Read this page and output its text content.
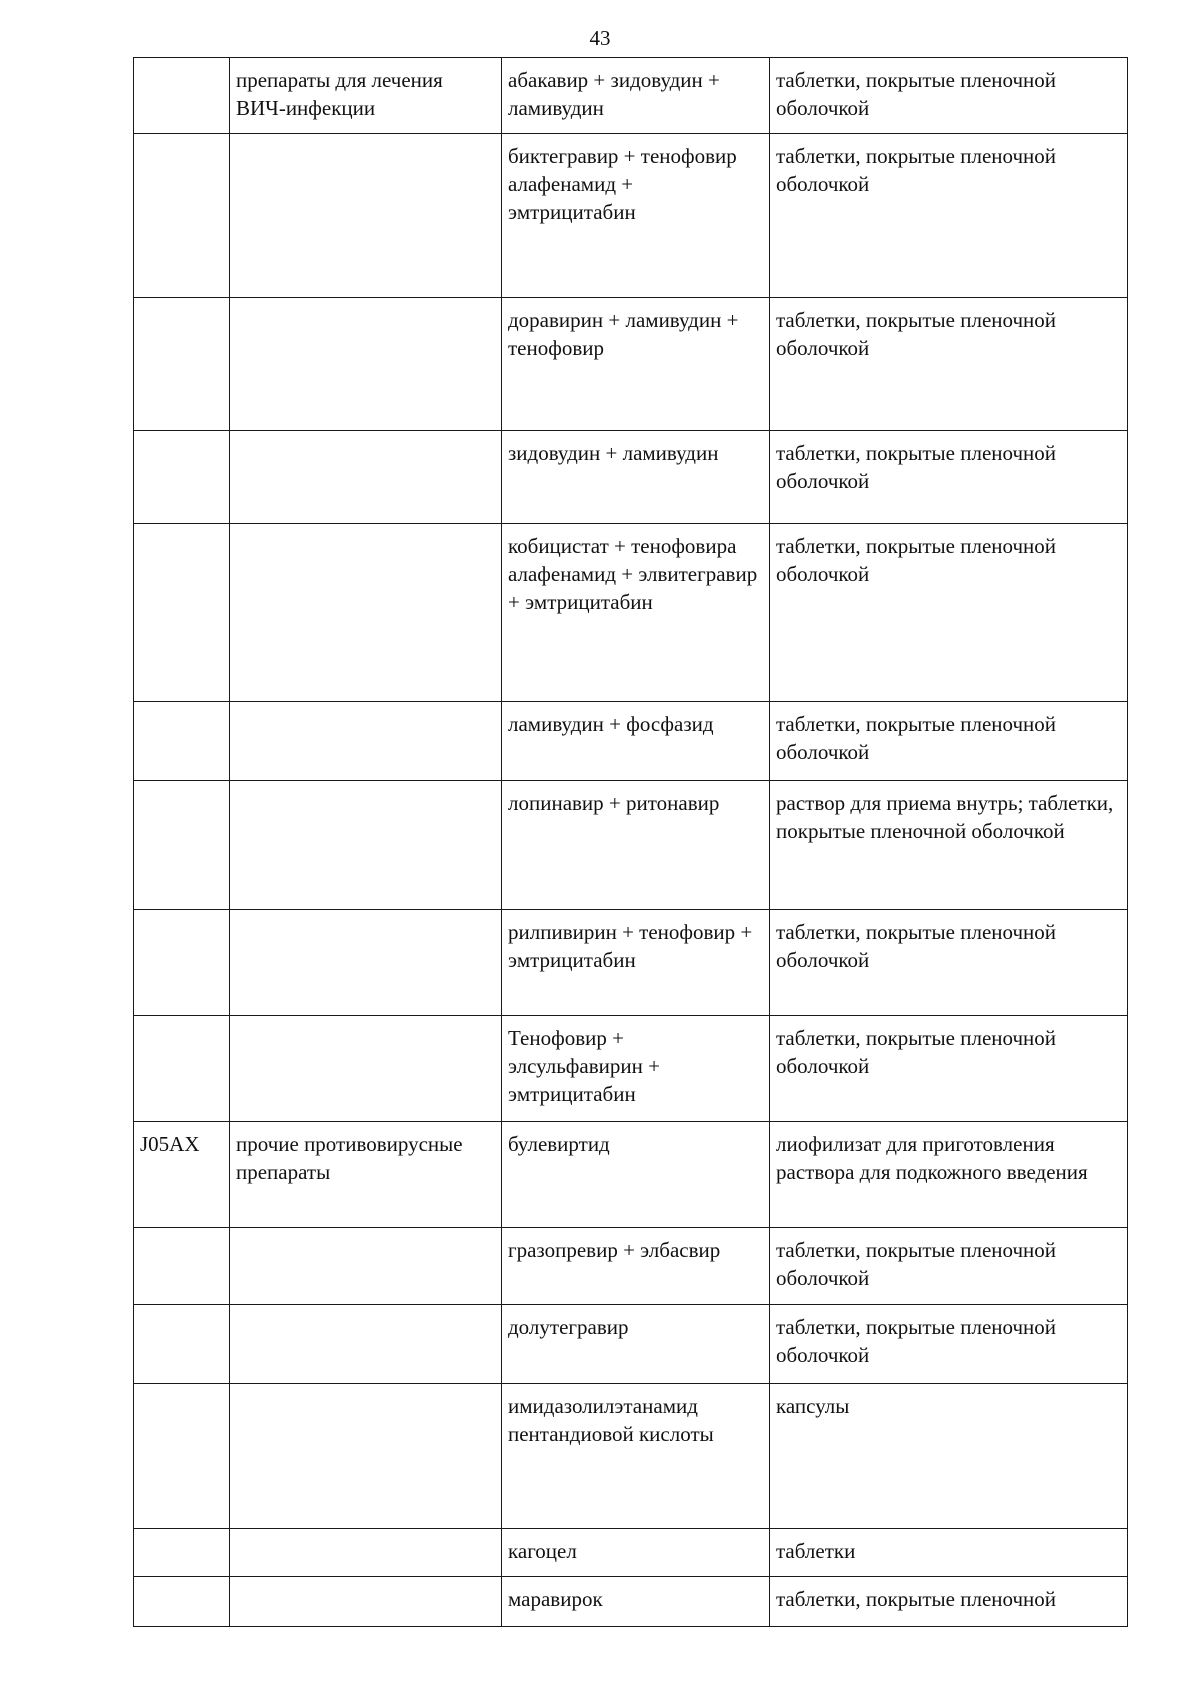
43
	препараты для лечения ВИЧ-инфекции	абакавир + зидовудин + ламивудин	таблетки, покрытые пленочной оболочкой
		биктегравир + тенофовир алафенамид + эмтрицитабин	таблетки, покрытые пленочной оболочкой
		доравирин + ламивудин + тенофовир	таблетки, покрытые пленочной оболочкой
		зидовудин + ламивудин	таблетки, покрытые пленочной оболочкой
		кобицистат + тенофовира алафенамид + элвитегравир + эмтрицитабин	таблетки, покрытые пленочной оболочкой
		ламивудин + фосфазид	таблетки, покрытые пленочной оболочкой
		лопинавир + ритонавир	раствор для приема внутрь; таблетки, покрытые пленочной оболочкой
		рилпивирин + тенофовир + эмтрицитабин	таблетки, покрытые пленочной оболочкой
		Тенофовир + элсульфавирин + эмтрицитабин	таблетки, покрытые пленочной оболочкой
J05AX	прочие противовирусные препараты	булевиртид	лиофилизат для приготовления раствора для подкожного введения
		гразопревир + элбасвир	таблетки, покрытые пленочной оболочкой
		долутегравир	таблетки, покрытые пленочной оболочкой
		имидазолилэтанамид пентандиовой кислоты	капсулы
		кагоцел	таблетки
		маравирок	таблетки, покрытые пленочной
